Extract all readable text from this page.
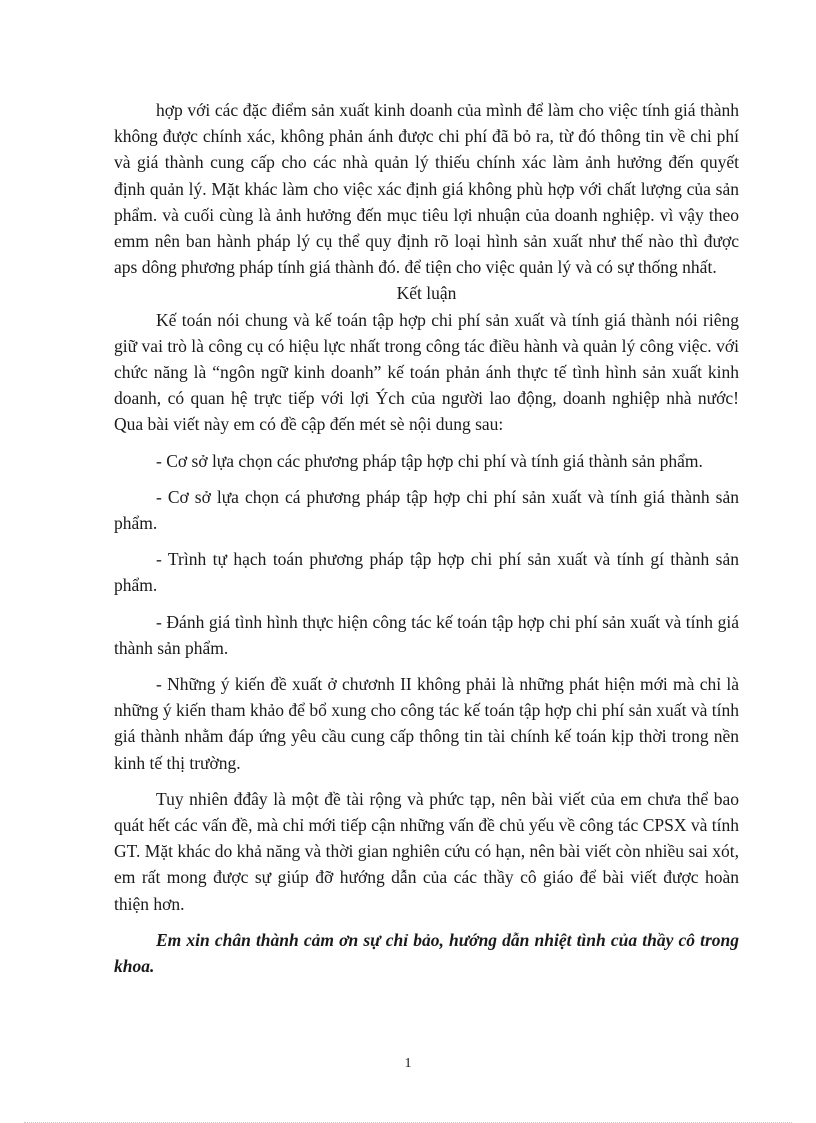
hợp với các đặc điểm sản xuất kinh doanh của mình để làm cho việc tính giá thành không được chính xác, không phản ánh được chi phí đã bỏ ra, từ đó thông tin về chi phí và giá thành cung cấp cho các nhà quản lý thiếu chính xác làm ảnh hưởng đến quyết định quản lý. Mặt khác làm cho việc xác định giá không phù hợp với chất lượng của sản phẩm. và cuối cùng là ảnh hưởng đến mục tiêu lợi nhuận của doanh nghiệp. vì vậy theo emm nên ban hành pháp lý cụ thể quy định rõ loại hình sản xuất như thế nào thì được aps dông phương pháp tính giá thành đó. để tiện cho việc quản lý và có sự thống nhất.

Kết luận

Kế toán nói chung và kế toán tập hợp chi phí sản xuất và tính giá thành nói riêng giữ vai trò là công cụ có hiệu lực nhất trong công tác điều hành và quản lý công việc. với chức năng là “ngôn ngữ kinh doanh” kế toán phản ánh thực tế tình hình sản xuất kinh doanh, có quan hệ trực tiếp với lợi Ých của người lao động, doanh nghiệp nhà nước! Qua bài viết này em có đề cập đến mét sè nội dung sau:

- Cơ sở lựa chọn các phương pháp tập hợp chi phí và tính giá thành sản phẩm.

- Cơ sở lựa chọn cá phương pháp tập hợp chi phí sản xuất và tính giá thành sản phẩm.

- Trình tự hạch toán phương pháp tập hợp chi phí sản xuất và tính gí thành sản phẩm.

- Đánh giá tình hình thực hiện công tác kế toán tập hợp chi phí sản xuất và tính giá thành sản phẩm.

- Những ý kiến đề xuất ở chươnh II không phải là những phát hiện mới mà chỉ là những ý kiến tham khảo để bổ xung cho công tác kế toán tập hợp chi phí sản xuất và tính giá thành nhằm đáp ứng yêu cầu cung cấp thông tin tài chính kế toán kịp thời trong nền kinh tế thị trường.

Tuy nhiên đđây là một đề tài rộng và phức tạp, nên bài viết của em chưa thể bao quát hết các vấn đề, mà chỉ mới tiếp cận những vấn đề chủ yếu về công tác CPSX và tính GT. Mặt khác do khả năng và thời gian nghiên cứu có hạn, nên bài viết còn nhiều sai xót, em rất mong được sự giúp đỡ hướng dẫn của các thầy cô giáo để bài viết được hoàn thiện hơn.

Em xin chân thành cảm ơn sự chỉ bảo, hướng dẫn nhiệt tình của thầy cô trong khoa.

1
